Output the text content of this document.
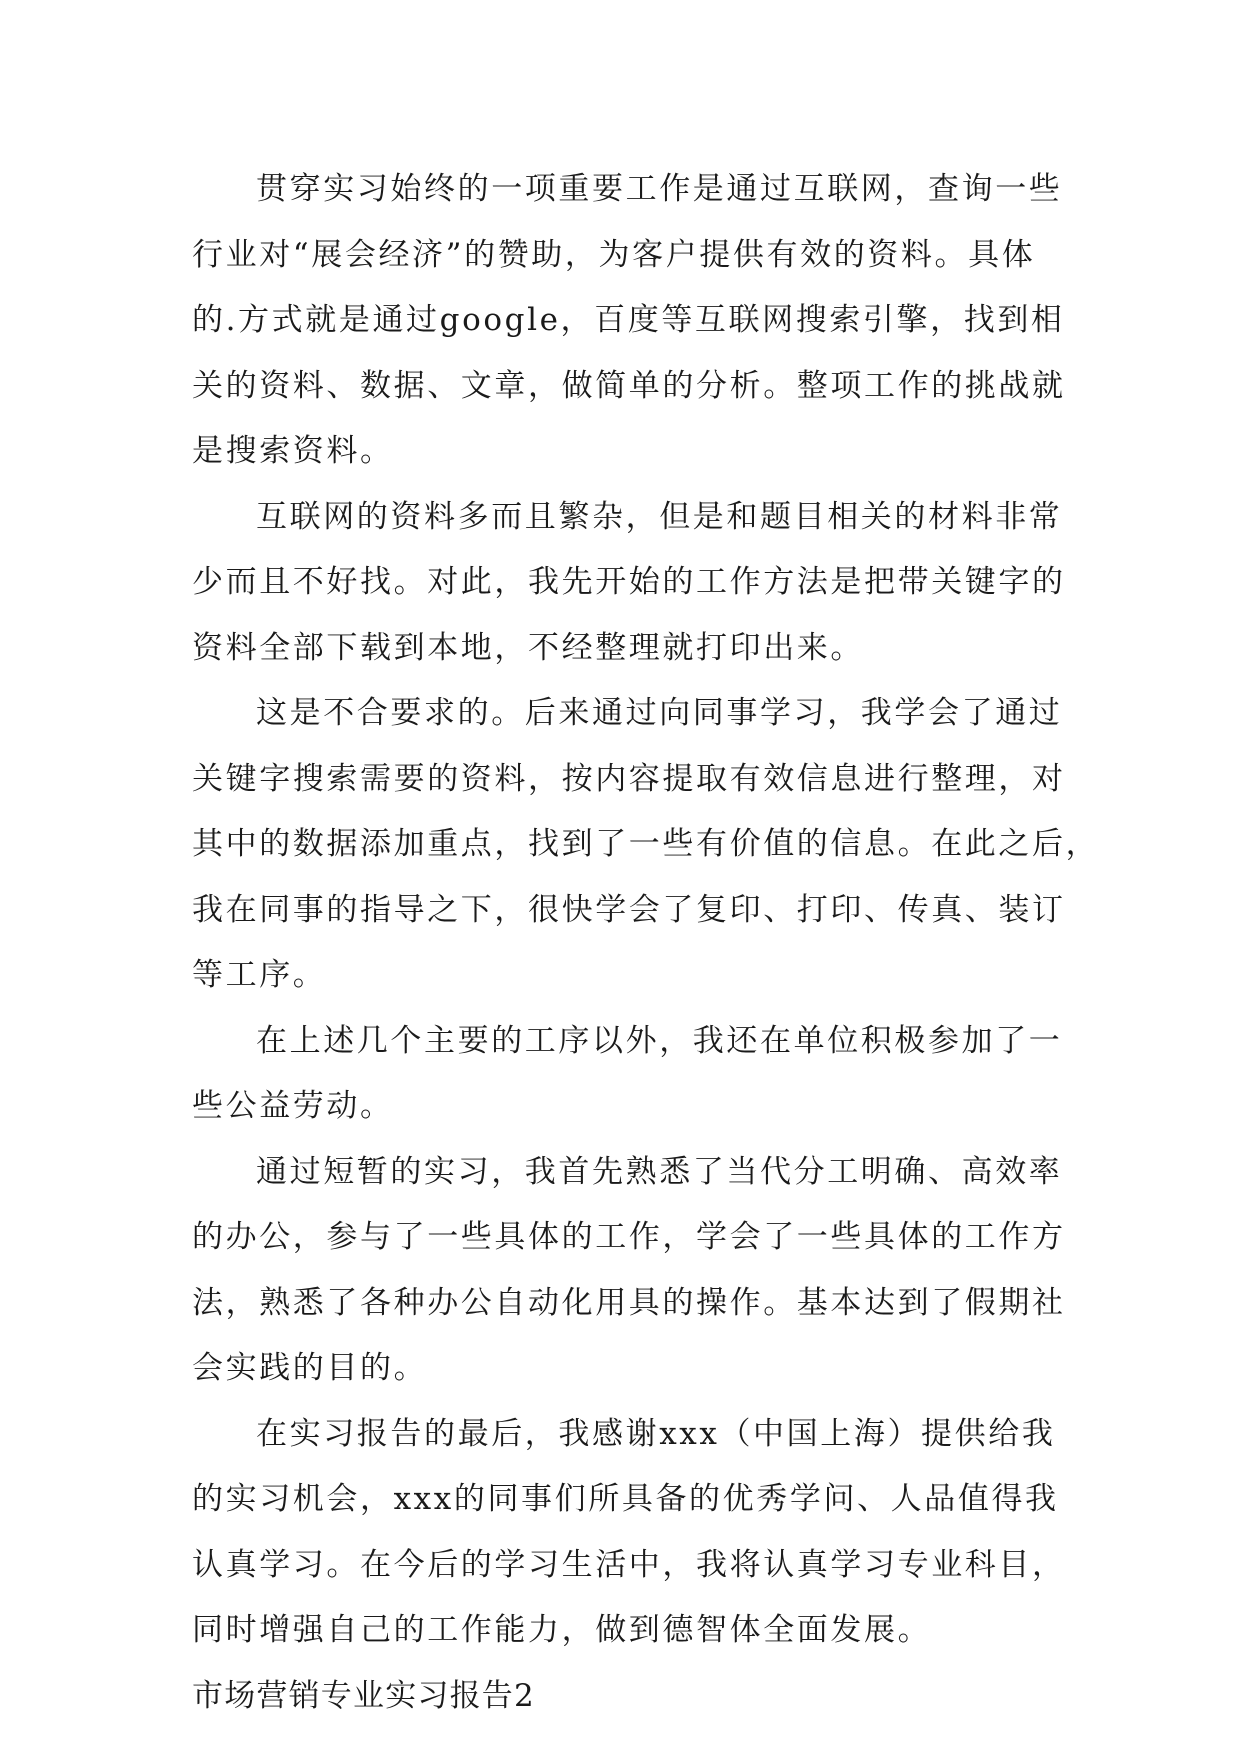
贯穿实习始终的一项重要工作是通过互联网，查询一些
行业对“展会经济”的赞助，为客户提供有效的资料。具体
的.方式就是通过google，百度等互联网搜索引擎，找到相
关的资料、数据、文章，做简单的分析。整项工作的挑战就
是搜索资料。
互联网的资料多而且繁杂，但是和题目相关的材料非常
少而且不好找。对此，我先开始的工作方法是把带关键字的
资料全部下载到本地，不经整理就打印出来。
这是不合要求的。后来通过向同事学习，我学会了通过
关键字搜索需要的资料，按内容提取有效信息进行整理，对
其中的数据添加重点，找到了一些有价值的信息。在此之后，
我在同事的指导之下，很快学会了复印、打印、传真、装订
等工序。
在上述几个主要的工序以外，我还在单位积极参加了一
些公益劳动。
通过短暂的实习，我首先熟悉了当代分工明确、高效率
的办公，参与了一些具体的工作，学会了一些具体的工作方
法，熟悉了各种办公自动化用具的操作。基本达到了假期社
会实践的目的。
在实习报告的最后，我感谢xxx（中国上海）提供给我
的实习机会，xxx的同事们所具备的优秀学问、人品值得我
认真学习。在今后的学习生活中，我将认真学习专业科目，
同时增强自己的工作能力，做到德智体全面发展。
市场营销专业实习报告2
